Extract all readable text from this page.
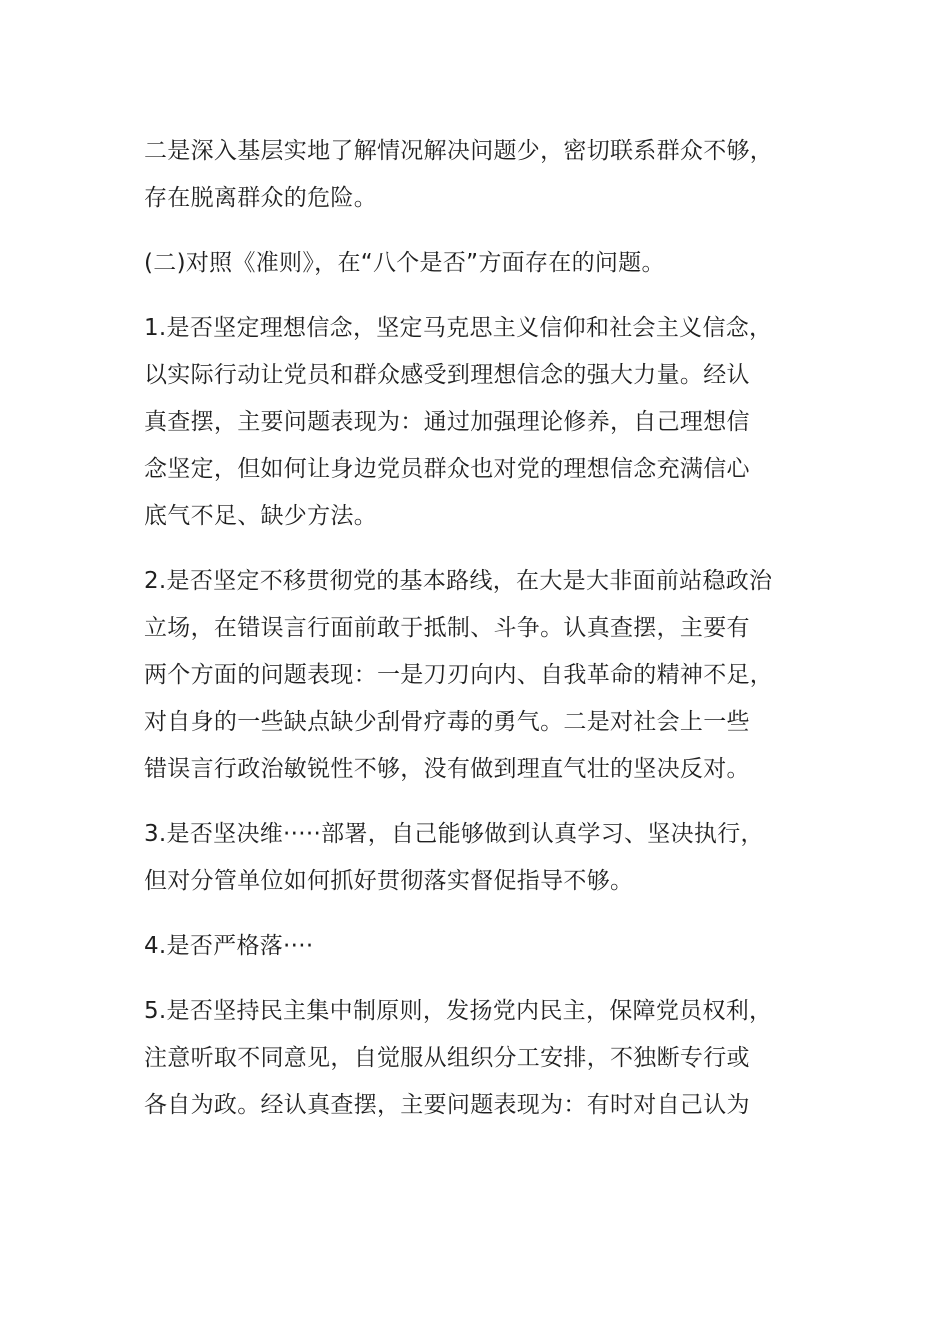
二是深入基层实地了解情况解决问题少，密切联系群众不够，
存在脱离群众的危险。

(二)对照《准则》，在“八个是否”方面存在的问题。

1.是否坚定理想信念，坚定马克思主义信仰和社会主义信念，
以实际行动让党员和群众感受到理想信念的强大力量。经认
真查摆，主要问题表现为：通过加强理论修养，自己理想信
念坚定，但如何让身边党员群众也对党的理想信念充满信心
底气不足、缺少方法。

2.是否坚定不移贯彻党的基本路线，在大是大非面前站稳政治
立场，在错误言行面前敢于抵制、斗争。认真查摆，主要有
两个方面的问题表现：一是刀刃向内、自我革命的精神不足，
对自身的一些缺点缺少刮骨疗毒的勇气。二是对社会上一些
错误言行政治敏锐性不够，没有做到理直气壮的坚决反对。

3.是否坚决维·····部署，自己能够做到认真学习、坚决执行，
但对分管单位如何抓好贯彻落实督促指导不够。

4.是否严格落····

5.是否坚持民主集中制原则，发扬党内民主，保障党员权利，
注意听取不同意见，自觉服从组织分工安排，不独断专行或
各自为政。经认真查摆，主要问题表现为：有时对自己认为
